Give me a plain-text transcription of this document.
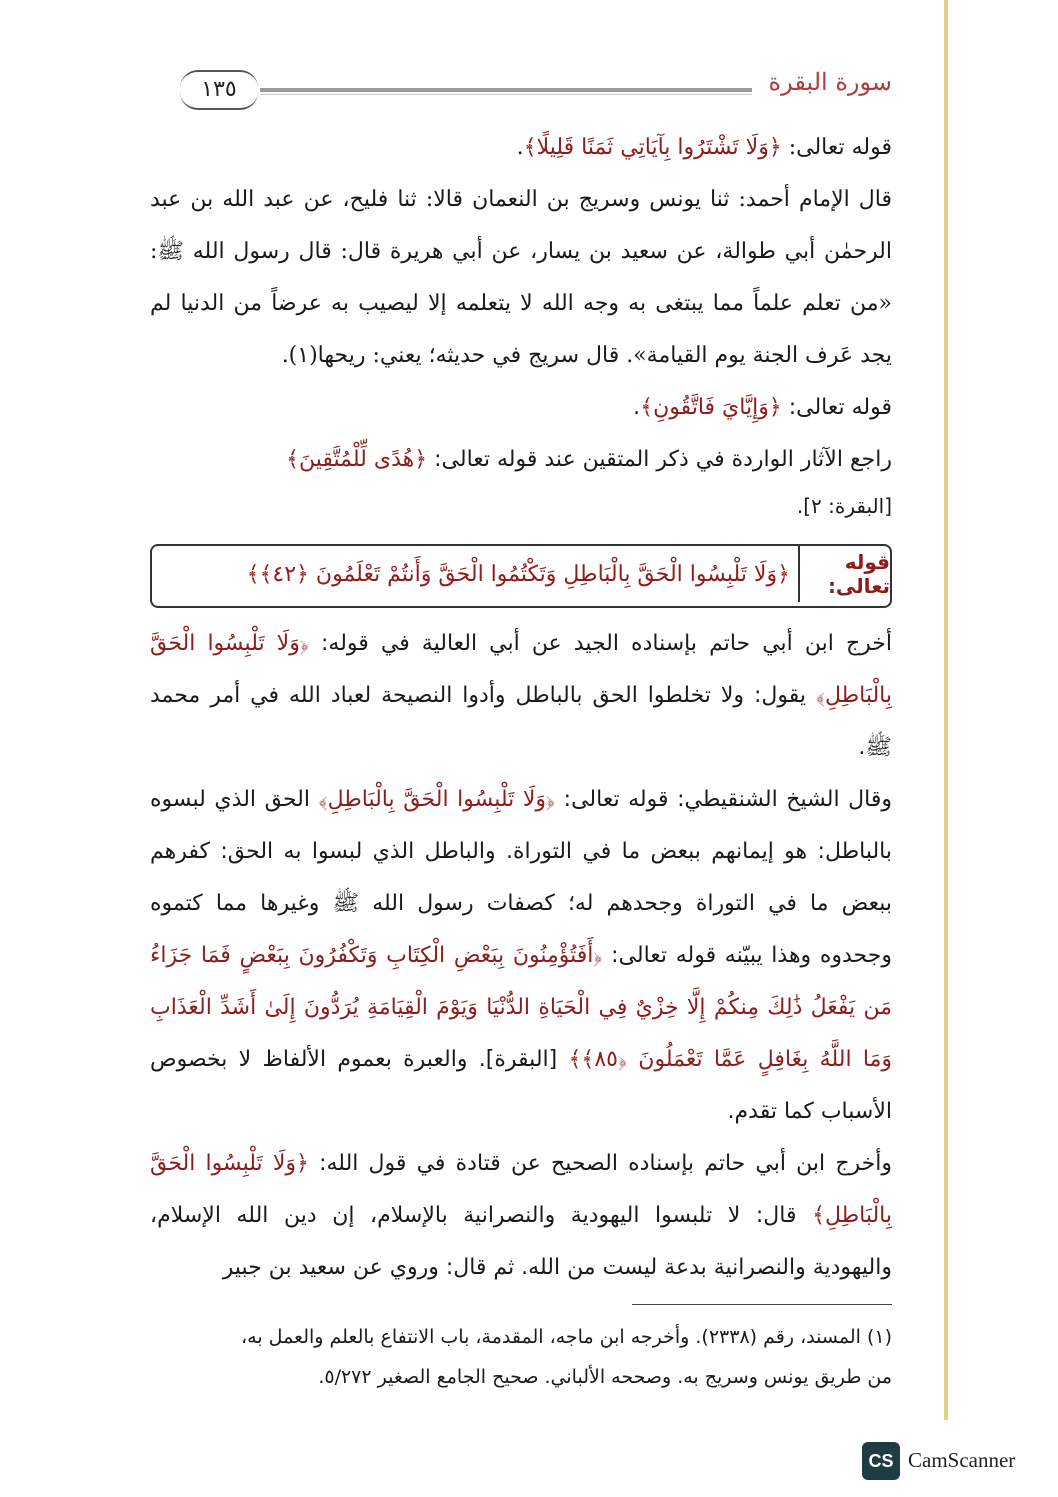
سورة البقرة
١٣٥

قوله تعالى: ﴿وَلَا تَشْتَرُوا بِآيَاتِي ثَمَنًا قَلِيلًا﴾.

قال الإمام أحمد: ثنا يونس وسريج بن النعمان قالا: ثنا فليح، عن عبد الله بن عبد الرحمٰن أبي طوالة، عن سعيد بن يسار، عن أبي هريرة قال: قال رسول الله ﷺ: «من تعلم علماً مما يبتغى به وجه الله لا يتعلمه إلا ليصيب به عرضاً من الدنيا لم يجد عَرف الجنة يوم القيامة». قال سريج في حديثه؛ يعني: ريحها(١).

قوله تعالى: ﴿وَإِيَّايَ فَاتَّقُونِ﴾.

راجع الآثار الواردة في ذكر المتقين عند قوله تعالى: ﴿هُدًى لِّلْمُتَّقِينَ﴾

[البقرة: ٢].

قوله تعالى:
﴿وَلَا تَلْبِسُوا الْحَقَّ بِالْبَاطِلِ وَتَكْتُمُوا الْحَقَّ وَأَنتُمْ تَعْلَمُونَ ﴿٤٢﴾﴾

أخرج ابن أبي حاتم بإسناده الجيد عن أبي العالية في قوله: ﴿وَلَا تَلْبِسُوا الْحَقَّ بِالْبَاطِلِ﴾ يقول: ولا تخلطوا الحق بالباطل وأدوا النصيحة لعباد الله في أمر محمد ﷺ.

وقال الشيخ الشنقيطي: قوله تعالى: ﴿وَلَا تَلْبِسُوا الْحَقَّ بِالْبَاطِلِ﴾ الحق الذي لبسوه بالباطل: هو إيمانهم ببعض ما في التوراة. والباطل الذي لبسوا به الحق: كفرهم ببعض ما في التوراة وجحدهم له؛ كصفات رسول الله ﷺ وغيرها مما كتموه وجحدوه وهذا يبيّنه قوله تعالى: ﴿أَفَتُؤْمِنُونَ بِبَعْضِ الْكِتَابِ وَتَكْفُرُونَ بِبَعْضٍ فَمَا جَزَاءُ مَن يَفْعَلُ ذَٰلِكَ مِنكُمْ إِلَّا خِزْيٌ فِي الْحَيَاةِ الدُّنْيَا وَيَوْمَ الْقِيَامَةِ يُرَدُّونَ إِلَىٰ أَشَدِّ الْعَذَابِ وَمَا اللَّهُ بِغَافِلٍ عَمَّا تَعْمَلُونَ ﴿٨٥﴾﴾ [البقرة]. والعبرة بعموم الألفاظ لا بخصوص الأسباب كما تقدم.

وأخرج ابن أبي حاتم بإسناده الصحيح عن قتادة في قول الله: ﴿وَلَا تَلْبِسُوا الْحَقَّ بِالْبَاطِلِ﴾ قال: لا تلبسوا اليهودية والنصرانية بالإسلام، إن دين الله الإسلام، واليهودية والنصرانية بدعة ليست من الله. ثم قال: وروي عن سعيد بن جبير

(١) المسند، رقم (٢٣٣٨). وأخرجه ابن ماجه، المقدمة، باب الانتفاع بالعلم والعمل به،

من طريق يونس وسريج به. وصححه الألباني. صحيح الجامع الصغير ٥/٢٧٢.

CS CamScanner
